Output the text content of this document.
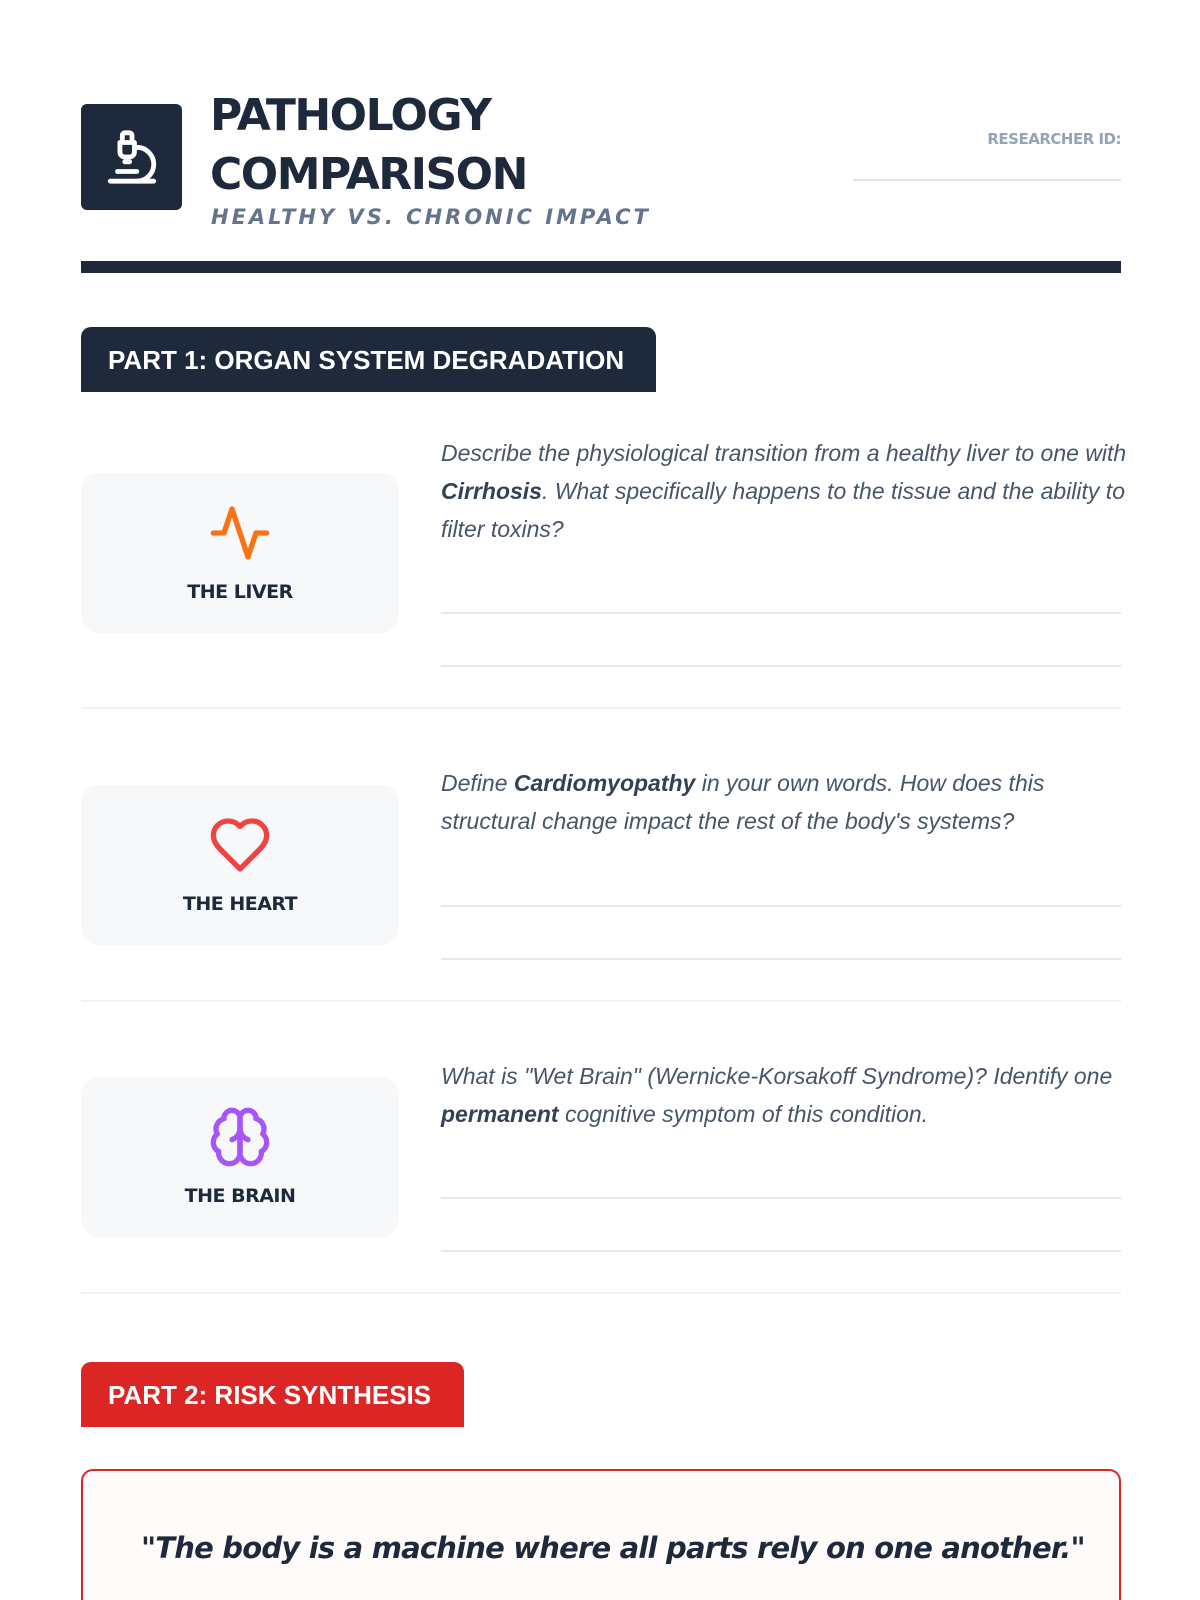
PATHOLOGY
COMPARISON
HEALTHY VS. CHRONIC IMPACT
RESEARCHER ID:
PART 1: ORGAN SYSTEM DEGRADATION
THE LIVER
Describe the physiological transition from a healthy liver to one with Cirrhosis. What specifically happens to the tissue and the ability to filter toxins?
THE HEART
Define Cardiomyopathy in your own words. How does this structural change impact the rest of the body's systems?
THE BRAIN
What is "Wet Brain" (Wernicke-Korsakoff Syndrome)? Identify one permanent cognitive symptom of this condition.
PART 2: RISK SYNTHESIS
"The body is a machine where all parts rely on one another."
